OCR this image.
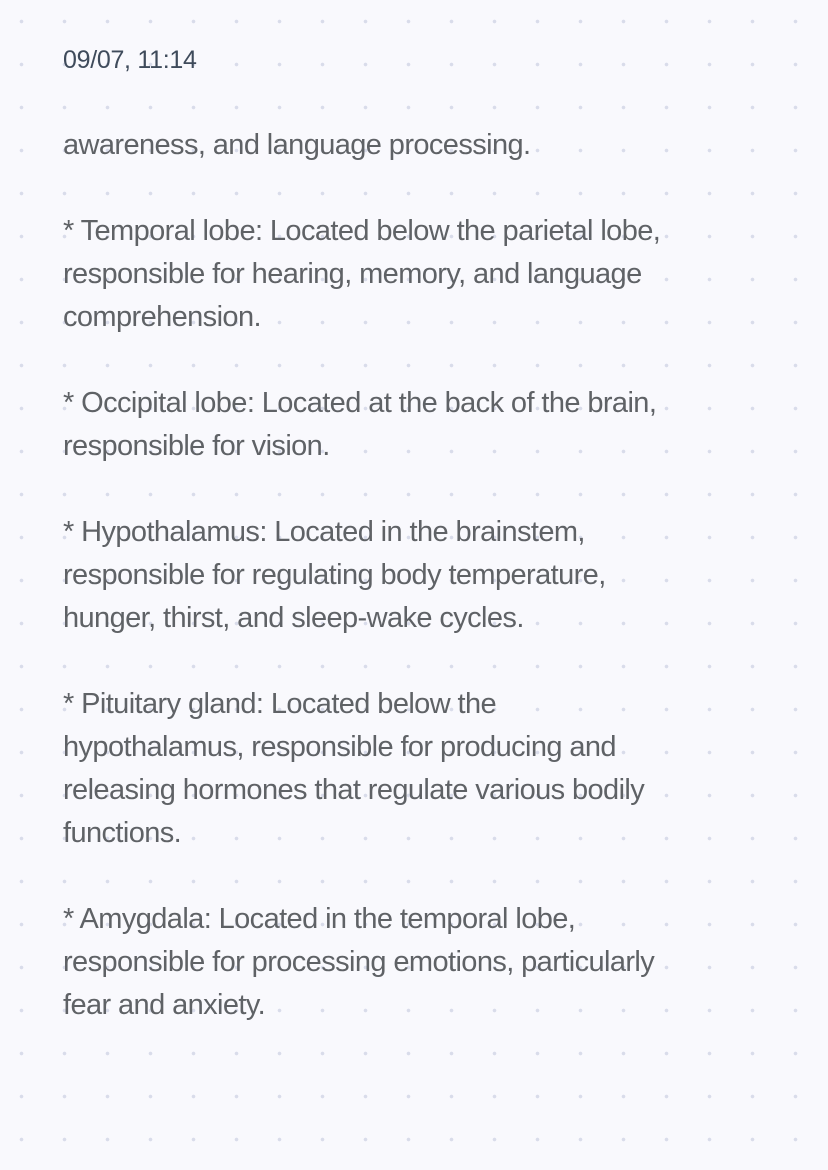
09/07, 11:14
awareness, and language processing.
* Temporal lobe: Located below the parietal lobe,
responsible for hearing, memory, and language
comprehension.
* Occipital lobe: Located at the back of the brain,
responsible for vision.
* Hypothalamus: Located in the brainstem,
responsible for regulating body temperature,
hunger, thirst, and sleep-wake cycles.
* Pituitary gland: Located below the
hypothalamus, responsible for producing and
releasing hormones that regulate various bodily
functions.
* Amygdala: Located in the temporal lobe,
responsible for processing emotions, particularly
fear and anxiety.
